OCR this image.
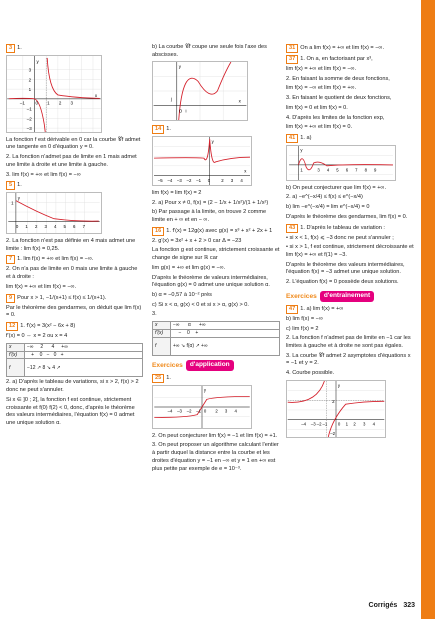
3 1.
3
2
1
–1
–2
–3
–1 0 1 2 3
x
y
La fonction f est dérivable en 0 car la courbe 𝒞f admet une tangente en 0 d'équation y = 0.
2. La fonction n'admet pas de limite en 1 mais admet une limite à droite et une limite à gauche.
3. lim f(x) = +∞ et lim f(x) = −∞
5 1.
0 1 2 3 4 5 6 7
y
1
2. La fonction n'est pas définie en 4 mais admet une limite : lim f(x) = 0,25.
7 1. lim f(x) = +∞ et lim f(x) = −∞.
2. On n'a pas de limite en 0 mais une limite à gauche et à droite :
lim f(x) = +∞ et lim f(x) = −∞.
9 Pour x > 1, −1/(x+1) ≤ f(x) ≤ 1/(x+1).
Par le théorème des gendarmes, on déduit que lim f(x) = 0.
12 1. f'(x) = 3(x² − 6x + 8)
f'(x) = 0 ⇔ x = 2 ou x = 4
x	−∞     2      4     +∞
f'(x)	+    0   −   0   +
f	−12 ↗ 8 ↘ 4 ↗
2. a) D'après le tableau de variations, si x > 2, f(x) > 2 donc ne peut s'annuler.
Si x ∈ ]0 ; 2[, la fonction f est continue, strictement croissante et f(0) f(2) < 0, donc, d'après le théorème des valeurs intermédiaires, l'équation f(x) = 0 admet une unique solution α.
b) La courbe 𝒞f coupe une seule fois l'axe des abscisses.
O i
j
y
x
14 1.
–5 –4 –3 –2 –1 0 2 3 4
x
y
lim f(x) = lim f(x) = 2
2. a) Pour x ≠ 0, f(x) = (2 − 1/x + 1/x²)/(1 + 1/x²)
b) Par passage à la limite, on trouve 2 comme limite en + ∞ et en − ∞.
16 1. f'(x) = 12g(x) avec g(x) = x³ + x² + 2x + 1
2. g'(x) = 3x² + x + 2 > 0 car Δ = −23
La fonction g est continue, strictement croissante et change de signe sur ℝ car
lim g(x) = +∞ et lim g(x) = −∞.
D'après le théorème de valeurs intermédiaires, l'équation g(x) = 0 admet une unique solution α.
b) α = −0,57 à 10⁻² près
c) Si x < α, g(x) < 0 et si x > α, g(x) > 0.
3.
x	−∞      α      +∞
f'(x)	−    0    +
f	+∞ ↘ f(α) ↗ +∞
Exercices	d'application
25 1.
–4 –3 –2 –1 0 2 3 4
y
2. On peut conjecturer lim f(x) = −1 et lim f(x) = +1.
3. On peut proposer un algorithme calculant l'entier à partir duquel la distance entre la courbe et les droites d'équation y = −1 en −∞ et y = 1 en +∞ est plus petite par exemple de e = 10⁻³.
31 On a lim f(x) = +∞ et lim f(x) = −∞.
37 1. On a, en factorisant par x³,
lim f(x) = +∞ et lim f(x) = −∞.
2. En faisant la somme de deux fonctions,
lim f(x) = −∞ et lim f(x) = +∞.
3. En faisant le quotient de deux fonctions,
lim f(x) = 0 et lim f(x) = 0.
4. D'après les limites de la fonction exp,
lim f(x) = +∞ et lim f(x) = 0.
41 1. a)
1	3 4 5 6 7 8 9
y
b) On peut conjecturer que lim f(x) = +∞.
2. a) −e^(−x/4) ≤ f(x) ≤ e^(−x/4)
b) lim −e^(−x/4) = lim e^(−x/4) = 0
D'après le théorème des gendarmes, lim f(x) = 0.
43 1. D'après le tableau de variation :
• si x < 1, f(x) ⩽ −3 donc ne peut s'annuler ;
• si x > 1, f est continue, strictement décroissante et lim f(x) = +∞ et f(1) = −3.
D'après le théorème des valeurs intermédiaires, l'équation f(x) = −3 admet une unique solution.
2. L'équation f(x) = 0 possède deux solutions.
Exercices	d'entraînement
47 1. a) lim f(x) = +∞
b) lim f(x) = −∞
c) lim f(x) = 2
2. La fonction f n'admet pas de limite en −1 car les limites à gauche et à droite ne sont pas égales.
3. La courbe 𝒞f admet 2 asymptotes d'équations x = −1 et y = 2.
4. Courbe possible.
–4 –3 –2 –1 0 1 2 3 4
y
2
–2
Corrigés 323
